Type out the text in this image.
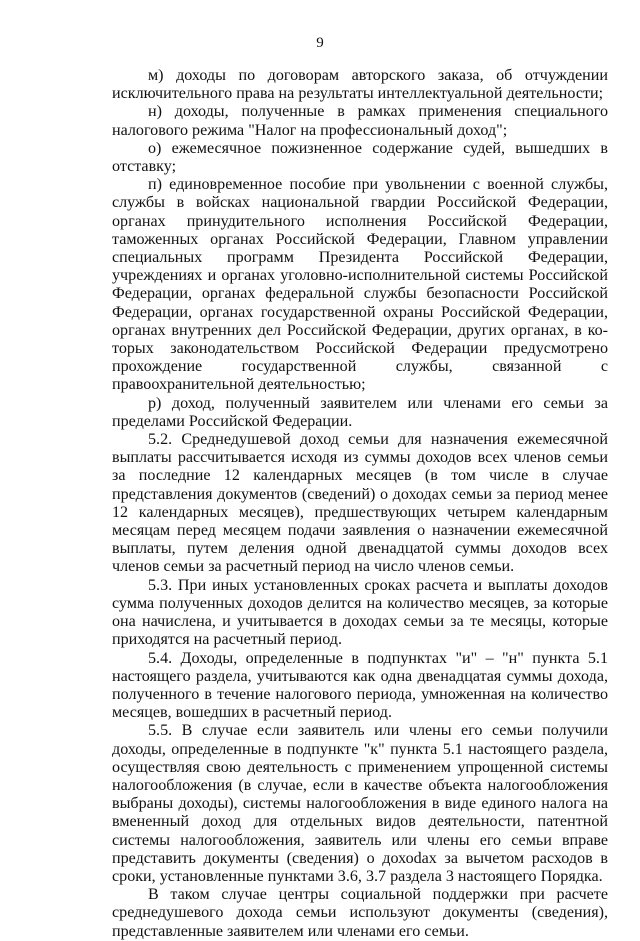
9

м) доходы по договорам авторского заказа, об отчуждении исключительного права на результаты интеллектуальной деятельности;

н) доходы, полученные в рамках применения специального налогового режима "Налог на профессиональный доход";

о) ежемесячное пожизненное содержание судей, вышедших в отставку;

п) единовременное пособие при увольнении с военной службы, службы в войсках национальной гвардии Российской Федерации, органах принудительного исполнения Российской Федерации, таможенных органах Российской Федерации, Главном управлении специальных программ Президента Российской Федерации, учреждениях и органах уголовно-исполнительной системы Российской Федерации, органах федеральной службы безопасности Российской Федерации, органах государственной охраны Российской Федерации, органах внутренних дел Российской Федерации, других органах, в которых законодательством Российской Федерации предусмотрено прохождение государственной службы, связанной с правоохранительной деятельностью;

р) доход, полученный заявителем или членами его семьи за пределами Российской Федерации.

5.2. Среднедушевой доход семьи для назначения ежемесячной выплаты рассчитывается исходя из суммы доходов всех членов семьи за последние 12 календарных месяцев (в том числе в случае представления документов (сведений) о доходах семьи за период менее 12 календарных месяцев), предшествующих четырем календарным месяцам перед месяцем подачи заявления о назначении ежемесячной выплаты, путем деления одной двенадцатой суммы доходов всех членов семьи за расчетный период на число членов семьи.

5.3. При иных установленных сроках расчета и выплаты доходов сумма полученных доходов делится на количество месяцев, за которые она начислена, и учитывается в доходах семьи за те месяцы, которые приходятся на расчетный период.

5.4. Доходы, определенные в подпунктах "и" – "н" пункта 5.1 настоящего раздела, учитываются как одна двенадцатая суммы дохода, полученного в течение налогового периода, умноженная на количество месяцев, вошедших в расчетный период.

5.5. В случае если заявитель или члены его семьи получили доходы, определенные в подпункте "к" пункта 5.1 настоящего раздела, осуществляя свою деятельность с применением упрощенной системы налогообложения (в случае, если в качестве объекта налогообложения выбраны доходы), системы налогообложения в виде единого налога на вмененный доход для отдельных видов деятельности, патентной системы налогообложения, заявитель или члены его семьи вправе представить документы (сведения) о дохоdах за вычетом расходов в сроки, установленные пунктами 3.6, 3.7 раздела 3 настоящего Порядка.

В таком случае центры социальной поддержки при расчете среднедушевого дохода семьи используют документы (сведения), представленные заявителем или членами его семьи.
